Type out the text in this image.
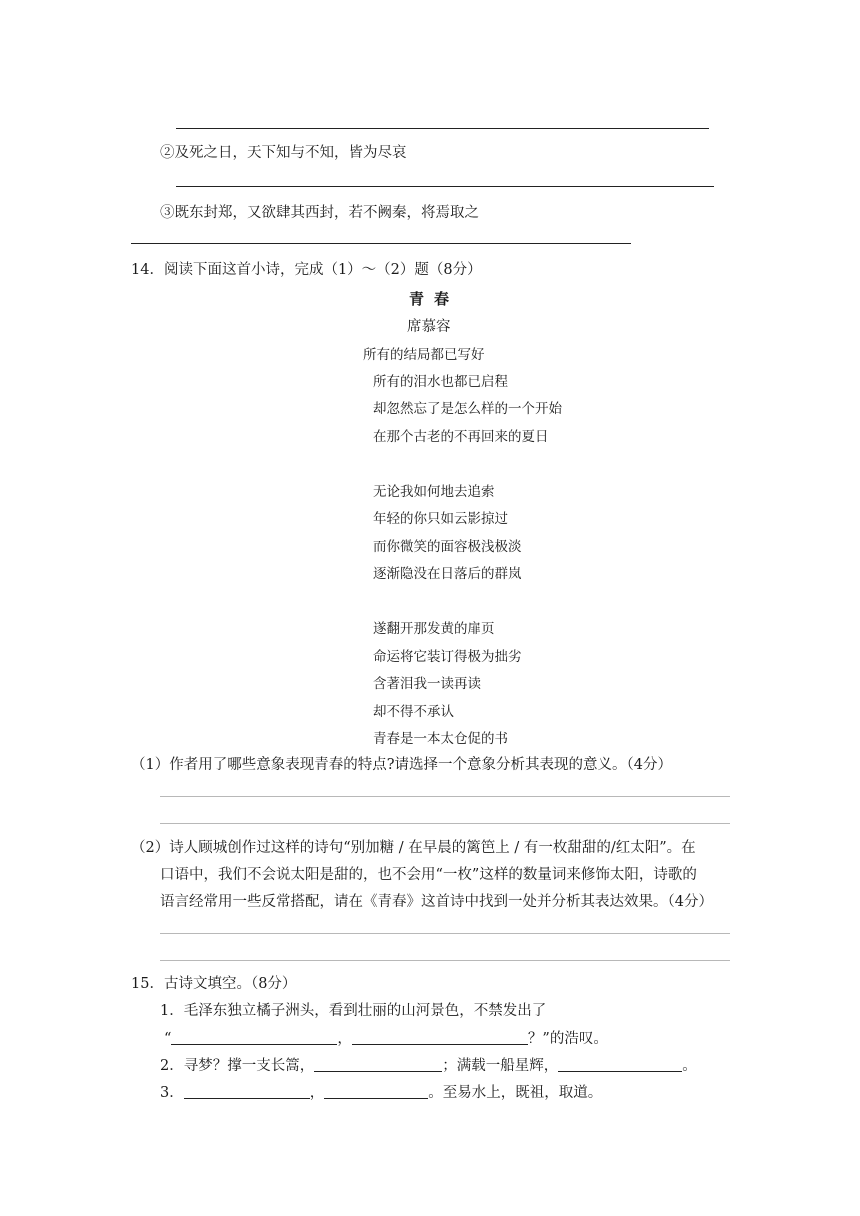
②及死之日，天下知与不知，皆为尽哀
③既东封郑，又欲肆其西封，若不阙秦，将焉取之
14．阅读下面这首小诗，完成（1）～（2）题（8分）
青春
席慕容
所有的结局都已写好
所有的泪水也都已启程
却忽然忘了是怎么样的一个开始
在那个古老的不再回来的夏日
无论我如何地去追索
年轻的你只如云影掠过
而你微笑的面容极浅极淡
逐渐隐没在日落后的群岚
遂翻开那发黄的扉页
命运将它装订得极为拙劣
含著泪我一读再读
却不得不承认
青春是一本太仓促的书
（1）作者用了哪些意象表现青春的特点?请选择一个意象分析其表现的意义。（4分）
（2）诗人顾城创作过这样的诗句“别加糖 / 在早晨的篱笆上 / 有一枚甜甜的/红太阳”。在
口语中，我们不会说太阳是甜的，也不会用“一枚”这样的数量词来修饰太阳，诗歌的
语言经常用一些反常搭配，请在《青春》这首诗中找到一处并分析其表达效果。（4分）
15．古诗文填空。（8分）
1．毛泽东独立橘子洲头，看到壮丽的山河景色，不禁发出了
“	，	？”的浩叹。
2．寻梦？撑一支长篙，	；满载一船星辉，	。
3．	，	。至易水上，既祖，取道。
